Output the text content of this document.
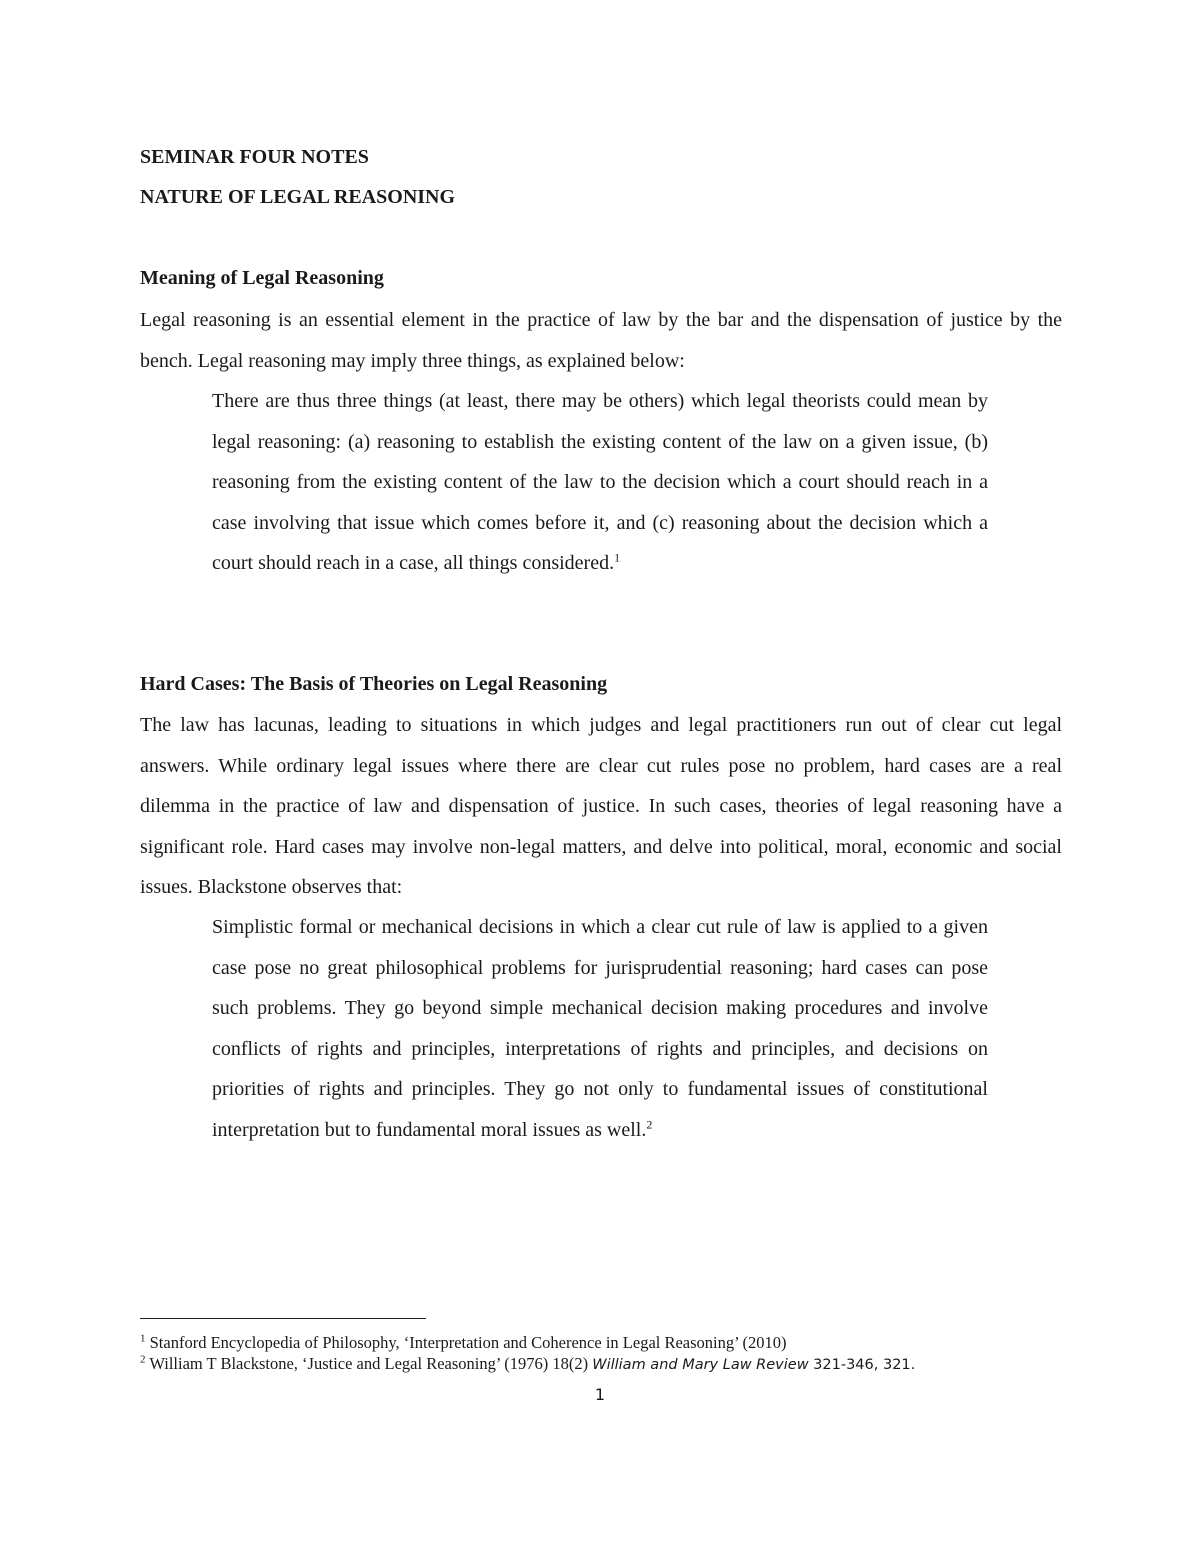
SEMINAR FOUR NOTES
NATURE OF LEGAL REASONING
Meaning of Legal Reasoning

Legal reasoning is an essential element in the practice of law by the bar and the dispensation of justice by the bench. Legal reasoning may imply three things, as explained below:

There are thus three things (at least, there may be others) which legal theorists could mean by legal reasoning: (a) reasoning to establish the existing content of the law on a given issue, (b) reasoning from the existing content of the law to the decision which a court should reach in a case involving that issue which comes before it, and (c) reasoning about the decision which a court should reach in a case, all things considered.$^1$

Hard Cases: The Basis of Theories on Legal Reasoning

The law has lacunas, leading to situations in which judges and legal practitioners run out of clear cut legal answers. While ordinary legal issues where there are clear cut rules pose no problem, hard cases are a real dilemma in the practice of law and dispensation of justice. In such cases, theories of legal reasoning have a significant role. Hard cases may involve non-legal matters, and delve into political, moral, economic and social issues. Blackstone observes that:

Simplistic formal or mechanical decisions in which a clear cut rule of law is applied to a given case pose no great philosophical problems for jurisprudential reasoning; hard cases can pose such problems. They go beyond simple mechanical decision making procedures and involve conflicts of rights and principles, interpretations of rights and principles, and decisions on priorities of rights and principles. They go not only to fundamental issues of constitutional interpretation but to fundamental moral issues as well.$^2$

$^1$ Stanford Encyclopedia of Philosophy, ‘Interpretation and Coherence in Legal Reasoning’ (2010)
$^2$ William T Blackstone, ‘Justice and Legal Reasoning’ (1976) 18(2) William and Mary Law Review 321-346, 321.
1
